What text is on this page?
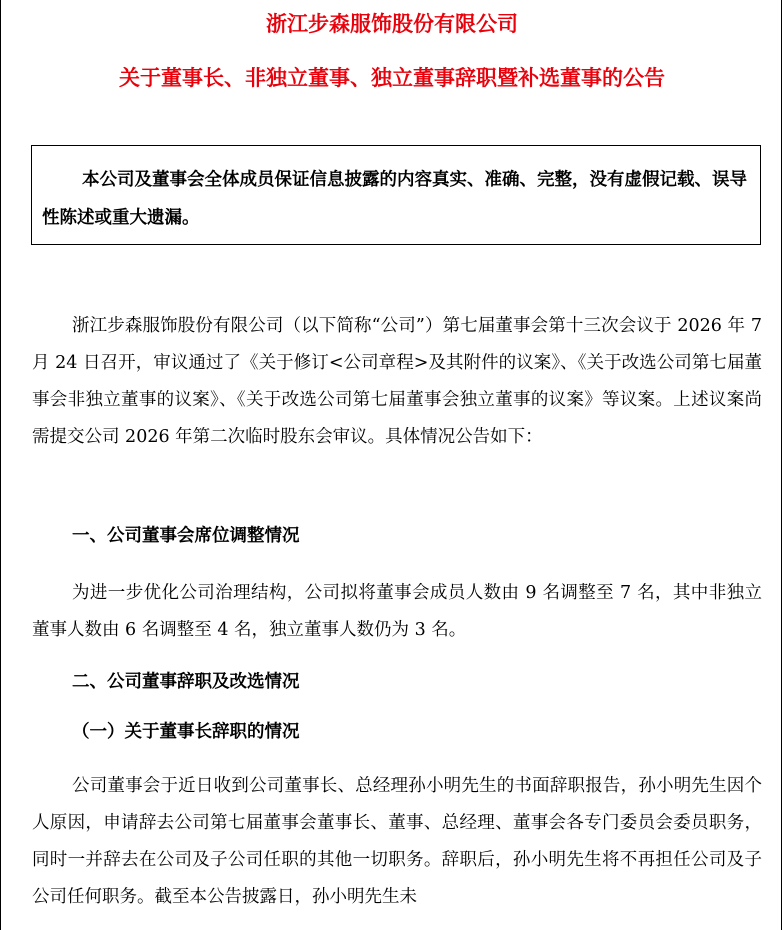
浙江步森服饰股份有限公司
关于董事长、非独立董事、独立董事辞职暨补选董事的公告
本公司及董事会全体成员保证信息披露的内容真实、准确、完整，没有虚假记载、误导性陈述或重大遗漏。

浙江步森服饰股份有限公司（以下简称“公司”）第七届董事会第十三次会议于 2026 年 7 月 24 日召开，审议通过了《关于修订<公司章程>及其附件的议案》、《关于改选公司第七届董事会非独立董事的议案》、《关于改选公司第七届董事会独立董事的议案》等议案。上述议案尚需提交公司 2026 年第二次临时股东会审议。具体情况公告如下：

一、公司董事会席位调整情况

为进一步优化公司治理结构，公司拟将董事会成员人数由 9 名调整至 7 名，其中非独立董事人数由 6 名调整至 4 名，独立董事人数仍为 3 名。

二、公司董事辞职及改选情况

（一）关于董事长辞职的情况

公司董事会于近日收到公司董事长、总经理孙小明先生的书面辞职报告，孙小明先生因个人原因，申请辞去公司第七届董事会董事长、董事、总经理、董事会各专门委员会委员职务，同时一并辞去在公司及子公司任职的其他一切职务。辞职后，孙小明先生将不再担任公司及子公司任何职务。截至本公告披露日，孙小明先生未
